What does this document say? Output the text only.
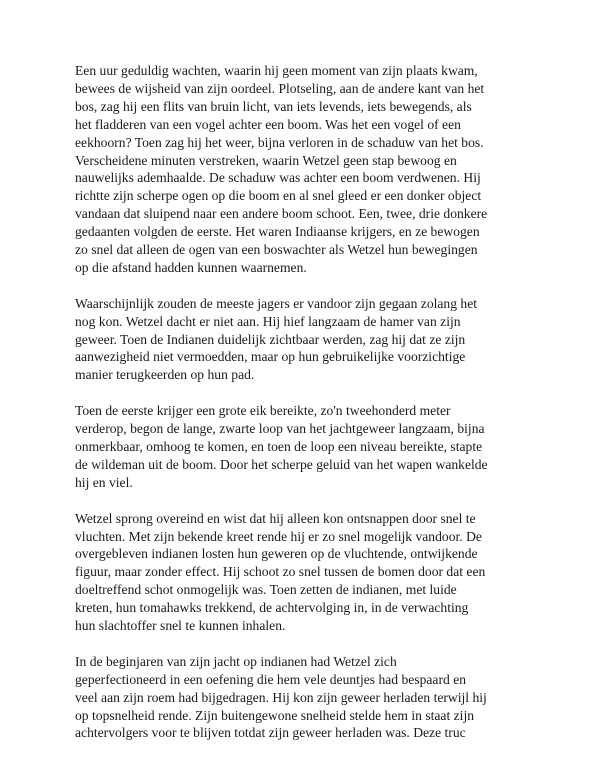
Een uur geduldig wachten, waarin hij geen moment van zijn plaats kwam,
bewees de wijsheid van zijn oordeel. Plotseling, aan de andere kant van het
bos, zag hij een flits van bruin licht, van iets levends, iets bewegends, als
het fladderen van een vogel achter een boom. Was het een vogel of een
eekhoorn? Toen zag hij het weer, bijna verloren in de schaduw van het bos.
Verscheidene minuten verstreken, waarin Wetzel geen stap bewoog en
nauwelijks ademhaalde. De schaduw was achter een boom verdwenen. Hij
richtte zijn scherpe ogen op die boom en al snel gleed er een donker object
vandaan dat sluipend naar een andere boom schoot. Een, twee, drie donkere
gedaanten volgden de eerste. Het waren Indiaanse krijgers, en ze bewogen
zo snel dat alleen de ogen van een boswachter als Wetzel hun bewegingen
op die afstand hadden kunnen waarnemen.

Waarschijnlijk zouden de meeste jagers er vandoor zijn gegaan zolang het
nog kon. Wetzel dacht er niet aan. Hij hief langzaam de hamer van zijn
geweer. Toen de Indianen duidelijk zichtbaar werden, zag hij dat ze zijn
aanwezigheid niet vermoedden, maar op hun gebruikelijke voorzichtige
manier terugkeerden op hun pad.

Toen de eerste krijger een grote eik bereikte, zo'n tweehonderd meter
verderop, begon de lange, zwarte loop van het jachtgeweer langzaam, bijna
onmerkbaar, omhoog te komen, en toen de loop een niveau bereikte, stapte
de wildeman uit de boom. Door het scherpe geluid van het wapen wankelde
hij en viel.

Wetzel sprong overeind en wist dat hij alleen kon ontsnappen door snel te
vluchten. Met zijn bekende kreet rende hij er zo snel mogelijk vandoor. De
overgebleven indianen losten hun geweren op de vluchtende, ontwijkende
figuur, maar zonder effect. Hij schoot zo snel tussen de bomen door dat een
doeltreffend schot onmogelijk was. Toen zetten de indianen, met luide
kreten, hun tomahawks trekkend, de achtervolging in, in de verwachting
hun slachtoffer snel te kunnen inhalen.

In de beginjaren van zijn jacht op indianen had Wetzel zich
geperfectioneerd in een oefening die hem vele deuntjes had bespaard en
veel aan zijn roem had bijgedragen. Hij kon zijn geweer herladen terwijl hij
op topsnelheid rende. Zijn buitengewone snelheid stelde hem in staat zijn
achtervolgers voor te blijven totdat zijn geweer herladen was. Deze truc
